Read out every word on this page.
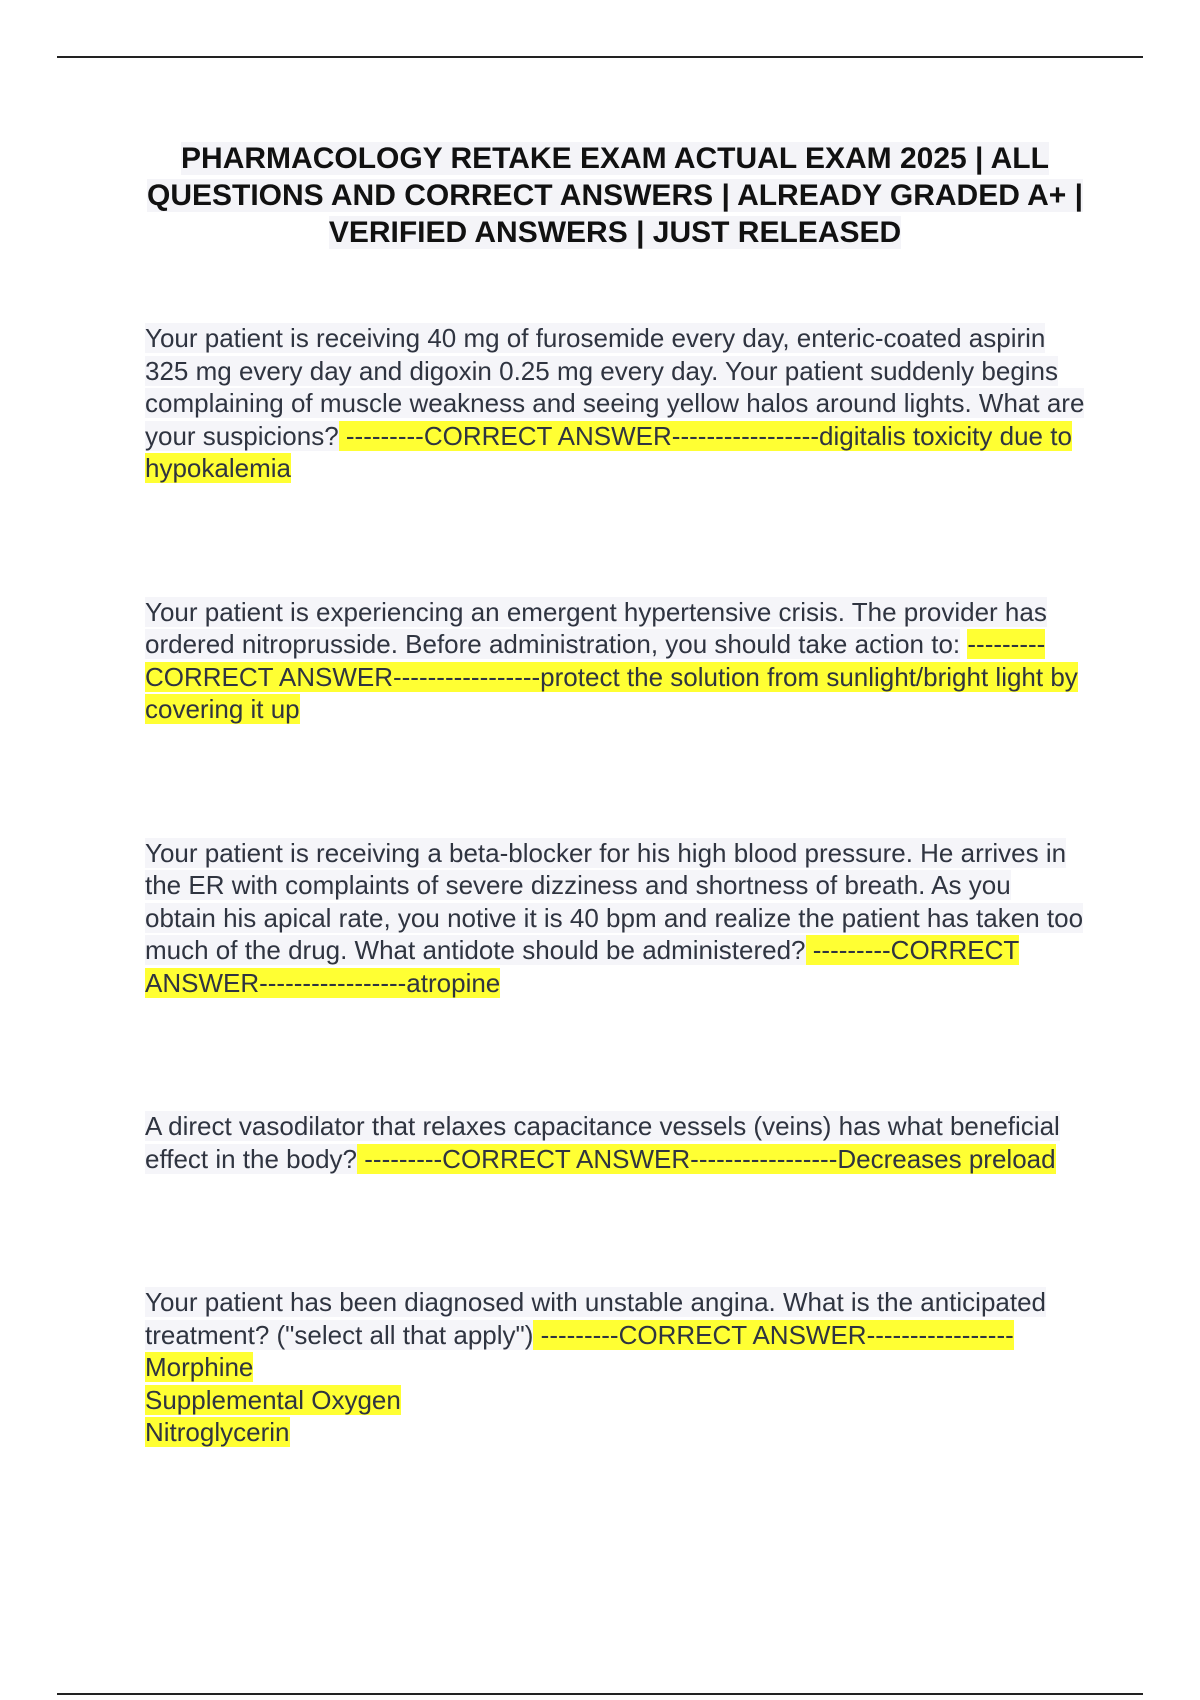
PHARMACOLOGY RETAKE EXAM ACTUAL EXAM 2025 | ALL QUESTIONS AND CORRECT ANSWERS | ALREADY GRADED A+ | VERIFIED ANSWERS | JUST RELEASED

Your patient is receiving 40 mg of furosemide every day, enteric-coated aspirin 325 mg every day and digoxin 0.25 mg every day. Your patient suddenly begins complaining of muscle weakness and seeing yellow halos around lights. What are your suspicions? ---------CORRECT ANSWER-----------------digitalis toxicity due to hypokalemia

Your patient is experiencing an emergent hypertensive crisis. The provider has ordered nitroprusside. Before administration, you should take action to: ---------CORRECT ANSWER-----------------protect the solution from sunlight/bright light by covering it up

Your patient is receiving a beta-blocker for his high blood pressure. He arrives in the ER with complaints of severe dizziness and shortness of breath. As you obtain his apical rate, you notive it is 40 bpm and realize the patient has taken too much of the drug. What antidote should be administered? ---------CORRECT ANSWER-----------------atropine

A direct vasodilator that relaxes capacitance vessels (veins) has what beneficial effect in the body? ---------CORRECT ANSWER-----------------Decreases preload

Your patient has been diagnosed with unstable angina. What is the anticipated treatment? ("select all that apply") ---------CORRECT ANSWER-----------------Morphine
Supplemental Oxygen
Nitroglycerin
